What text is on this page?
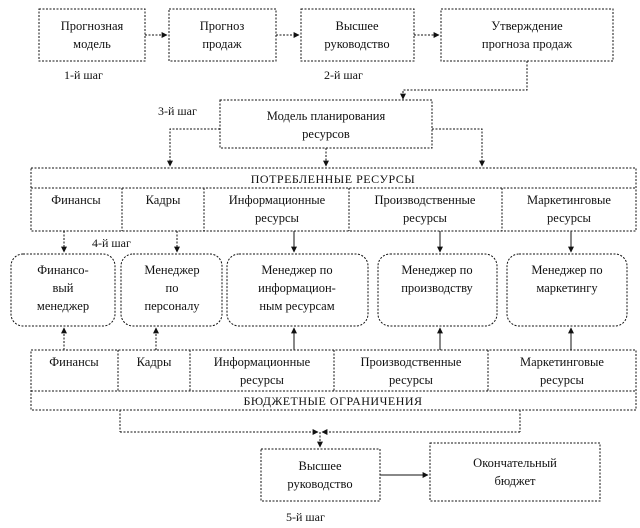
Прогнозная
модель
Прогноз
продаж
Высшее
руководство
Утверждение
прогноза продаж
1-й шаг	2-й шаг
3-й шаг
4-й шаг
5-й шаг
Модель планирования
ресурсов
ПОТРЕБЛЕННЫЕ РЕСУРСЫ
Финансы	Кадры	Информационные
ресурсы
Производственные
ресурсы
Маркетинговые
ресурсы
Финансо-
вый
менеджер
Менеджер
по
персоналу
Менеджер по
информацион-
ным ресурсам
Менеджер по
производству
Менеджер по
маркетингу
Финансы	Кадры	Информационные
ресурсы
Производственные
ресурсы
Маркетинговые
ресурсы
БЮДЖЕТНЫЕ ОГРАНИЧЕНИЯ
Высшее
руководство
Окончательный
бюджет
